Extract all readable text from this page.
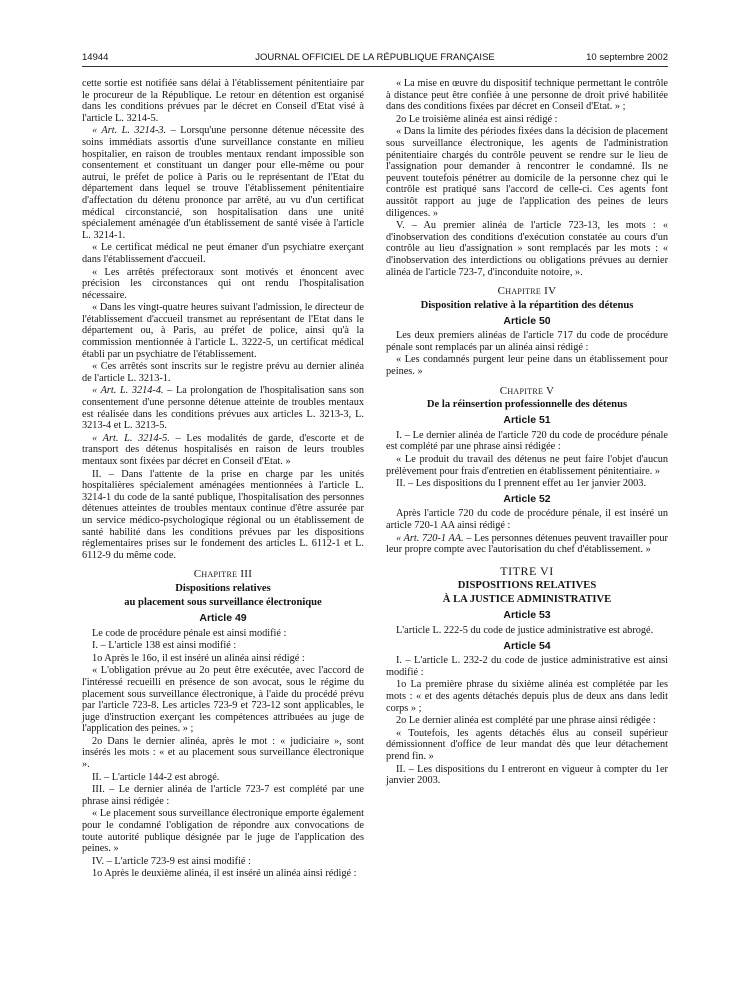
14944	JOURNAL OFFICIEL DE LA RÉPUBLIQUE FRANÇAISE	10 septembre 2002

cette sortie est notifiée sans délai à l'établissement pénitentiaire par le procureur de la République. Le retour en détention est organisé dans les conditions prévues par le décret en Conseil d'Etat visé à l'article L. 3214-5.

« Art. L. 3214-3. – Lorsqu'une personne détenue nécessite des soins immédiats assortis d'une surveillance constante en milieu hospitalier, en raison de troubles mentaux rendant impossible son consentement et constituant un danger pour elle-même ou pour autrui, le préfet de police à Paris ou le représentant de l'Etat du département dans lequel se trouve l'établissement pénitentiaire d'affectation du détenu prononce par arrêté, au vu d'un certificat médical circonstancié, son hospitalisation dans une unité spécialement aménagée d'un établissement de santé visée à l'article L. 3214-1.

« Le certificat médical ne peut émaner d'un psychiatre exerçant dans l'établissement d'accueil.

« Les arrêtés préfectoraux sont motivés et énoncent avec précision les circonstances qui ont rendu l'hospitalisation nécessaire.

« Dans les vingt-quatre heures suivant l'admission, le directeur de l'établissement d'accueil transmet au représentant de l'Etat dans le département ou, à Paris, au préfet de police, ainsi qu'à la commission mentionnée à l'article L. 3222-5, un certificat médical établi par un psychiatre de l'établissement.

« Ces arrêtés sont inscrits sur le registre prévu au dernier alinéa de l'article L. 3213-1.

« Art. L. 3214-4. – La prolongation de l'hospitalisation sans son consentement d'une personne détenue atteinte de troubles mentaux est réalisée dans les conditions prévues aux articles L. 3213-3, L. 3213-4 et L. 3213-5.

« Art. L. 3214-5. – Les modalités de garde, d'escorte et de transport des détenus hospitalisés en raison de leurs troubles mentaux sont fixées par décret en Conseil d'Etat. »

II. – Dans l'attente de la prise en charge par les unités hospitalières spécialement aménagées mentionnées à l'article L. 3214-1 du code de la santé publique, l'hospitalisation des personnes détenues atteintes de troubles mentaux continue d'être assurée par un service médico-psychologique régional ou un établissement de santé habilité dans les conditions prévues par les dispositions réglementaires prises sur le fondement des articles L. 6112-1 et L. 6112-9 du même code.

Chapitre III
Dispositions relatives
au placement sous surveillance électronique
Article 49

Le code de procédure pénale est ainsi modifié :

I. – L'article 138 est ainsi modifié :

1o Après le 16o, il est inséré un alinéa ainsi rédigé :

« L'obligation prévue au 2o peut être exécutée, avec l'accord de l'intéressé recueilli en présence de son avocat, sous le régime du placement sous surveillance électronique, à l'aide du procédé prévu par l'article 723-8. Les articles 723-9 et 723-12 sont applicables, le juge d'instruction exerçant les compétences attribuées au juge de l'application des peines. » ;

2o Dans le dernier alinéa, après le mot : « judiciaire », sont insérés les mots : « et au placement sous surveillance électronique ».

II. – L'article 144-2 est abrogé.

III. – Le dernier alinéa de l'article 723-7 est complété par une phrase ainsi rédigée :

« Le placement sous surveillance électronique emporte également pour le condamné l'obligation de répondre aux convocations de toute autorité publique désignée par le juge de l'application des peines. »

IV. – L'article 723-9 est ainsi modifié :

1o Après le deuxième alinéa, il est inséré un alinéa ainsi rédigé :

« La mise en œuvre du dispositif technique permettant le contrôle à distance peut être confiée à une personne de droit privé habilitée dans des conditions fixées par décret en Conseil d'Etat. » ;

2o Le troisième alinéa est ainsi rédigé :

« Dans la limite des périodes fixées dans la décision de placement sous surveillance électronique, les agents de l'administration pénitentiaire chargés du contrôle peuvent se rendre sur le lieu de l'assignation pour demander à rencontrer le condamné. Ils ne peuvent toutefois pénétrer au domicile de la personne chez qui le contrôle est pratiqué sans l'accord de celle-ci. Ces agents font aussitôt rapport au juge de l'application des peines de leurs diligences. »

V. – Au premier alinéa de l'article 723-13, les mots : « d'inobservation des conditions d'exécution constatée au cours d'un contrôle au lieu d'assignation » sont remplacés par les mots : « d'inobservation des interdictions ou obligations prévues au dernier alinéa de l'article 723-7, d'inconduite notoire, ».

Chapitre IV
Disposition relative à la répartition des détenus
Article 50

Les deux premiers alinéas de l'article 717 du code de procédure pénale sont remplacés par un alinéa ainsi rédigé :

« Les condamnés purgent leur peine dans un établissement pour peines. »

Chapitre V
De la réinsertion professionnelle des détenus
Article 51

I. – Le dernier alinéa de l'article 720 du code de procédure pénale est complété par une phrase ainsi rédigée :

« Le produit du travail des détenus ne peut faire l'objet d'aucun prélèvement pour frais d'entretien en établissement pénitentiaire. »

II. – Les dispositions du I prennent effet au 1er janvier 2003.

Article 52

Après l'article 720 du code de procédure pénale, il est inséré un article 720-1 AA ainsi rédigé :

« Art. 720-1 AA. – Les personnes détenues peuvent travailler pour leur propre compte avec l'autorisation du chef d'établissement. »

TITRE VI
DISPOSITIONS RELATIVES
À LA JUSTICE ADMINISTRATIVE
Article 53

L'article L. 222-5 du code de justice administrative est abrogé.

Article 54

I. – L'article L. 232-2 du code de justice administrative est ainsi modifié :

1o La première phrase du sixième alinéa est complétée par les mots : « et des agents détachés depuis plus de deux ans dans ledit corps » ;

2o Le dernier alinéa est complété par une phrase ainsi rédigée :

« Toutefois, les agents détachés élus au conseil supérieur démissionnent d'office de leur mandat dès que leur détachement prend fin. »

II. – Les dispositions du I entreront en vigueur à compter du 1er janvier 2003.
